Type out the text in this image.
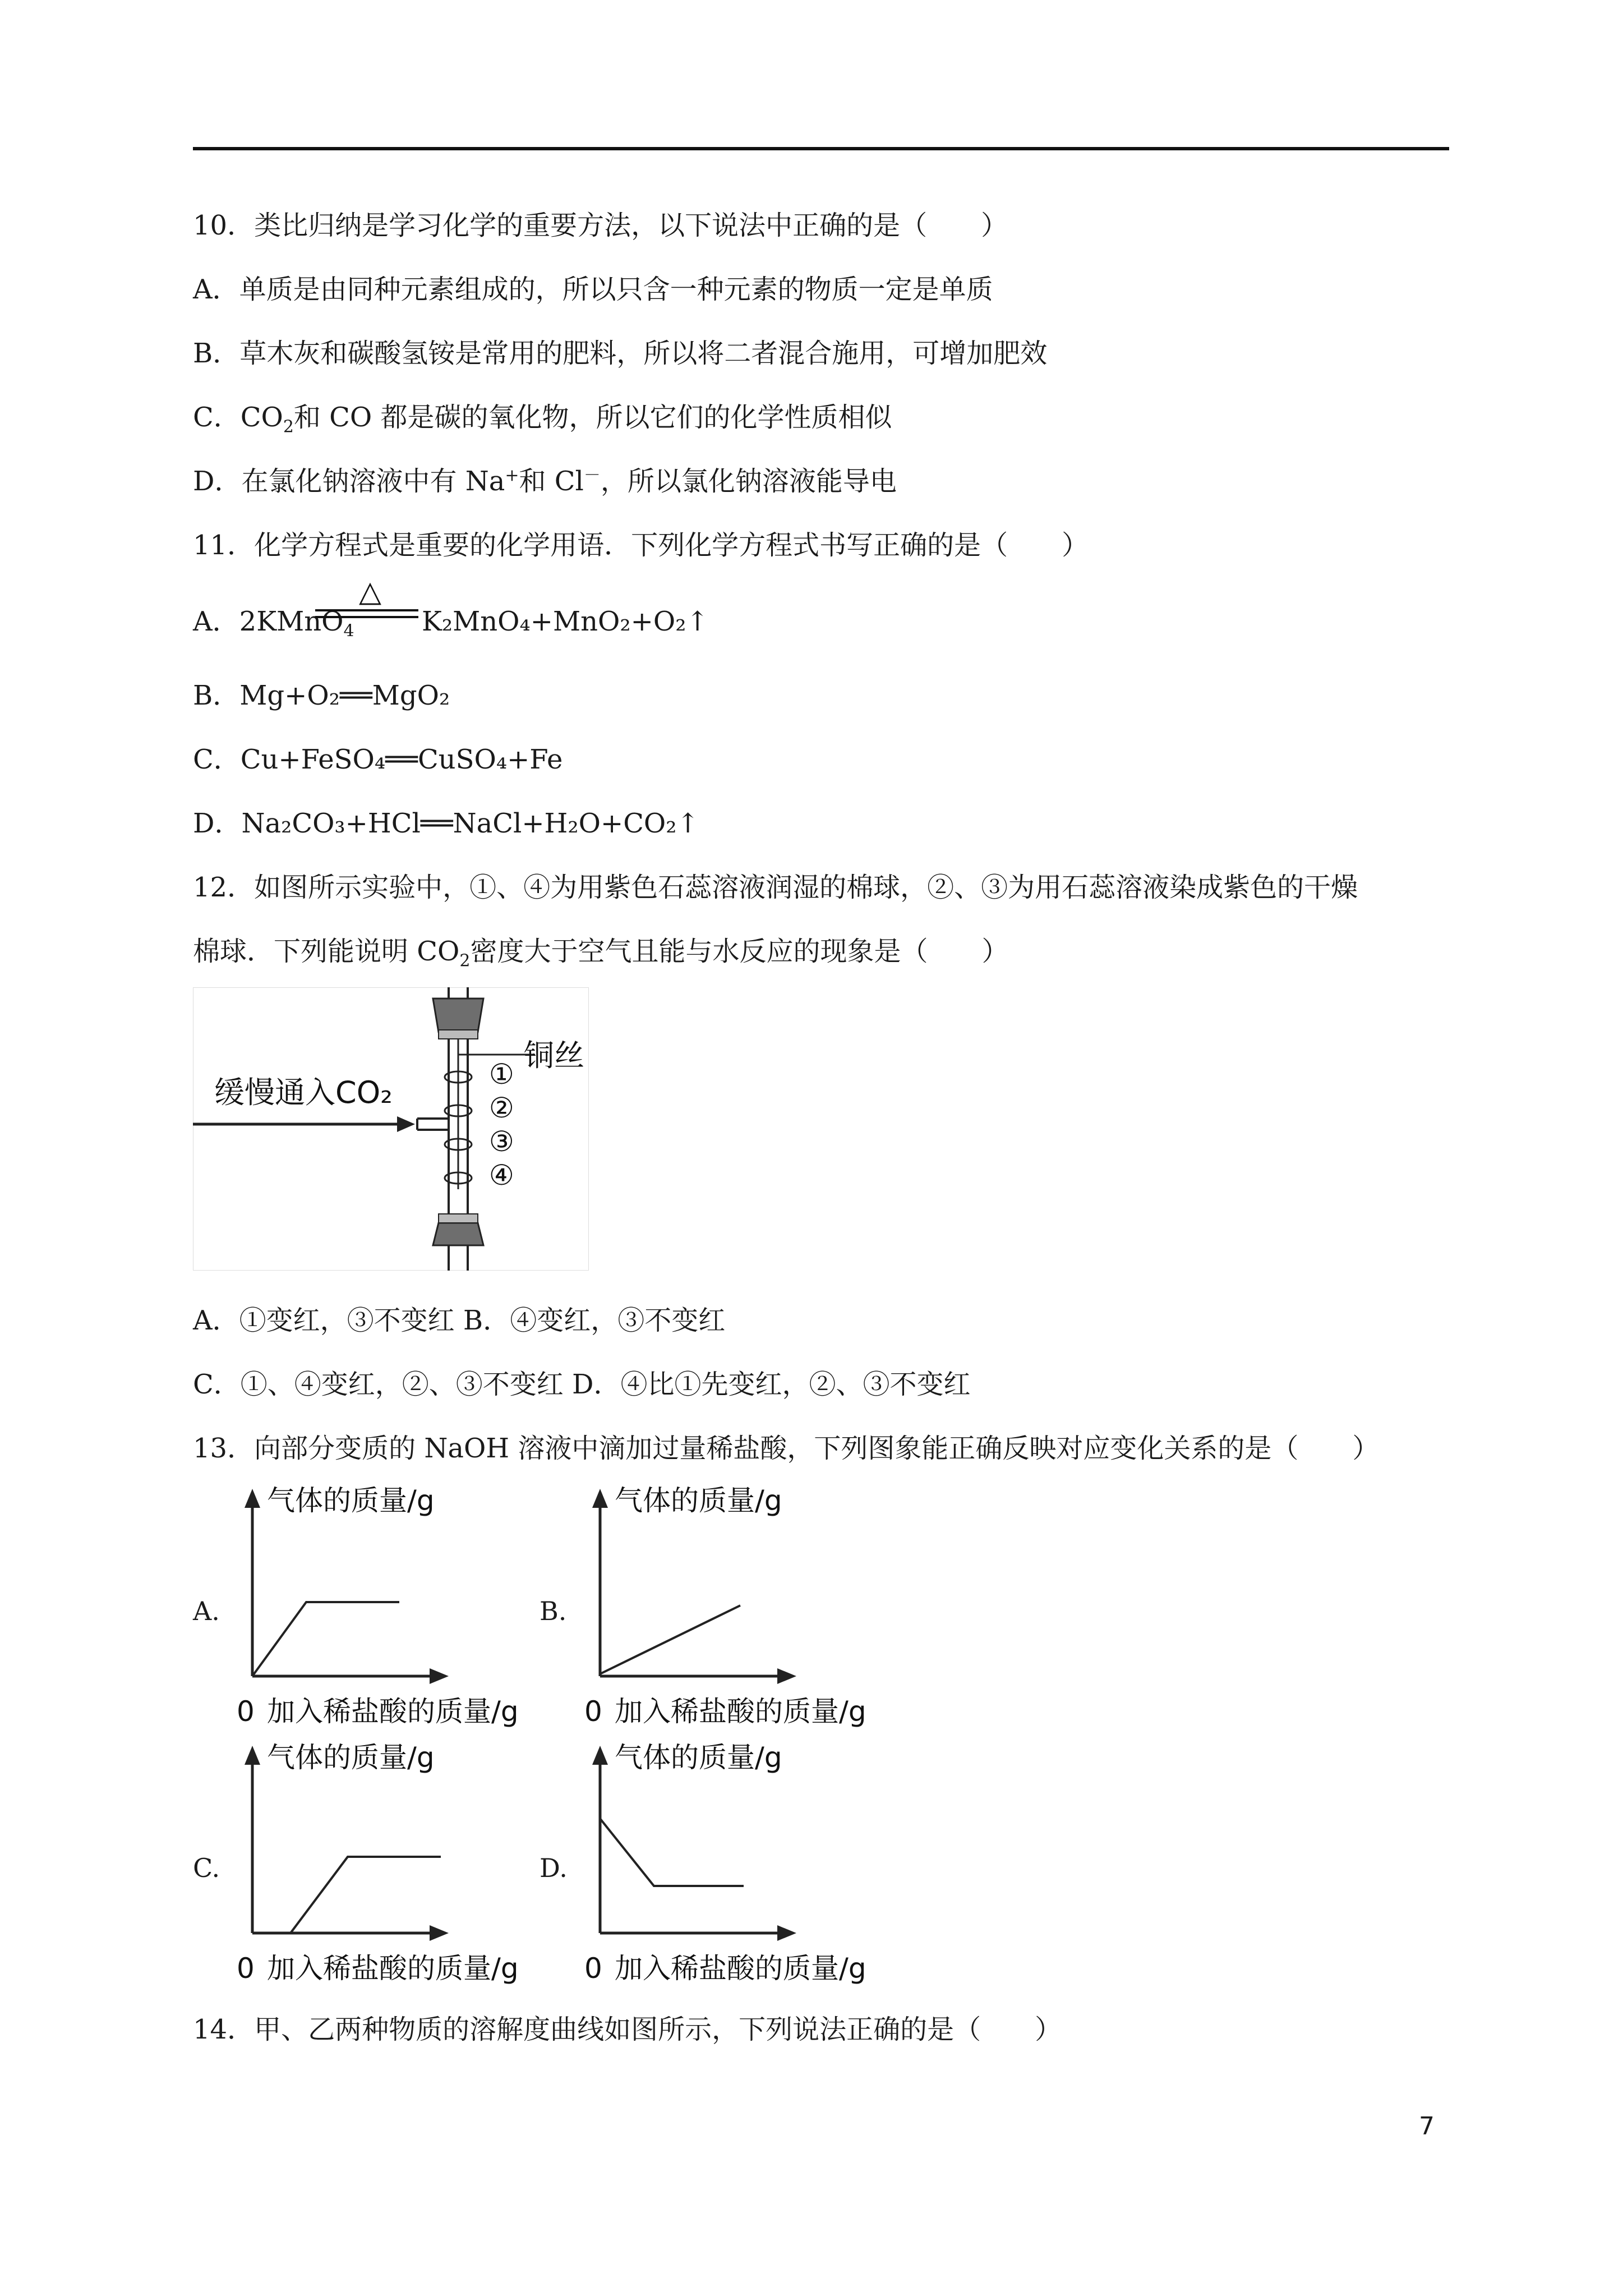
10．类比归纳是学习化学的重要方法，以下说法中正确的是（　　）
A．单质是由同种元素组成的，所以只含一种元素的物质一定是单质
B．草木灰和碳酸氢铵是常用的肥料，所以将二者混合施用，可增加肥效
C．$CO_2$和 CO 都是碳的氧化物，所以它们的化学性质相似
D．在氯化钠溶液中有 Na+和 Cl－，所以氯化钠溶液能导电
11．化学方程式是重要的化学用语．下列化学方程式书写正确的是（　　）
A．2KMnO$_4$
△
K₂MnO₄+MnO₂+O₂↑
B．Mg+O₂══MgO₂
C．Cu+FeSO₄══CuSO₄+Fe
D．Na₂CO₃+HCl══NaCl+H₂O+CO₂↑
12．如图所示实验中，①、④为用紫色石蕊溶液润湿的棉球，②、③为用石蕊溶液染成紫色的干燥
棉球．下列能说明 $CO_2$密度大于空气且能与水反应的现象是（　　）
缓慢通入CO₂
铜丝
①
②
③
④
A．①变红，③不变红 B．④变红，③不变红
C．①、④变红，②、③不变红 D．④比①先变红，②、③不变红
13．向部分变质的 NaOH 溶液中滴加过量稀盐酸，下列图象能正确反映对应变化关系的是（　　）
A.
气体的质量/g
0 加入稀盐酸的质量/g
B.
气体的质量/g
0 加入稀盐酸的质量/g
C.
气体的质量/g
0 加入稀盐酸的质量/g
D.
气体的质量/g
0 加入稀盐酸的质量/g
14．甲、乙两种物质的溶解度曲线如图所示，下列说法正确的是（　　）
7
